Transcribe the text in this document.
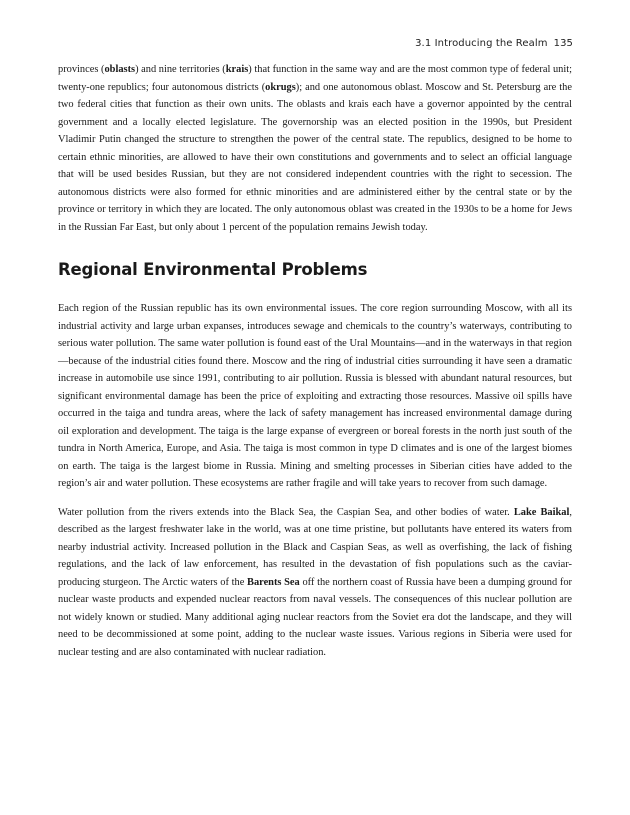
3.1 Introducing the Realm 135

provinces (oblasts) and nine territories (krais) that function in the same way and are the most common type of federal unit; twenty-one republics; four autonomous districts (okrugs); and one autonomous oblast. Moscow and St. Petersburg are the two federal cities that function as their own units. The oblasts and krais each have a governor appointed by the central government and a locally elected legislature. The governorship was an elected position in the 1990s, but President Vladimir Putin changed the structure to strengthen the power of the central state. The republics, designed to be home to certain ethnic minorities, are allowed to have their own constitutions and governments and to select an official language that will be used besides Russian, but they are not considered independent countries with the right to secession. The autonomous districts were also formed for ethnic minorities and are administered either by the central state or by the province or territory in which they are located. The only autonomous oblast was created in the 1930s to be a home for Jews in the Russian Far East, but only about 1 percent of the population remains Jewish today.

Regional Environmental Problems

Each region of the Russian republic has its own environmental issues. The core region surrounding Moscow, with all its industrial activity and large urban expanses, introduces sewage and chemicals to the country’s waterways, contributing to serious water pollution. The same water pollution is found east of the Ural Mountains—and in the waterways in that region—because of the industrial cities found there. Moscow and the ring of industrial cities surrounding it have seen a dramatic increase in automobile use since 1991, contributing to air pollution. Russia is blessed with abundant natural resources, but significant environmental damage has been the price of exploiting and extracting those resources. Massive oil spills have occurred in the taiga and tundra areas, where the lack of safety management has increased environmental damage during oil exploration and development. The taiga is the large expanse of evergreen or boreal forests in the north just south of the tundra in North America, Europe, and Asia. The taiga is most common in type D climates and is one of the largest biomes on earth. The taiga is the largest biome in Russia. Mining and smelting processes in Siberian cities have added to the region’s air and water pollution. These ecosystems are rather fragile and will take years to recover from such damage.

Water pollution from the rivers extends into the Black Sea, the Caspian Sea, and other bodies of water. Lake Baikal, described as the largest freshwater lake in the world, was at one time pristine, but pollutants have entered its waters from nearby industrial activity. Increased pollution in the Black and Caspian Seas, as well as overfishing, the lack of fishing regulations, and the lack of law enforcement, has resulted in the devastation of fish populations such as the caviar-producing sturgeon. The Arctic waters of the Barents Sea off the northern coast of Russia have been a dumping ground for nuclear waste products and expended nuclear reactors from naval vessels. The consequences of this nuclear pollution are not widely known or studied. Many additional aging nuclear reactors from the Soviet era dot the landscape, and they will need to be decommissioned at some point, adding to the nuclear waste issues. Various regions in Siberia were used for nuclear testing and are also contaminated with nuclear radiation.
